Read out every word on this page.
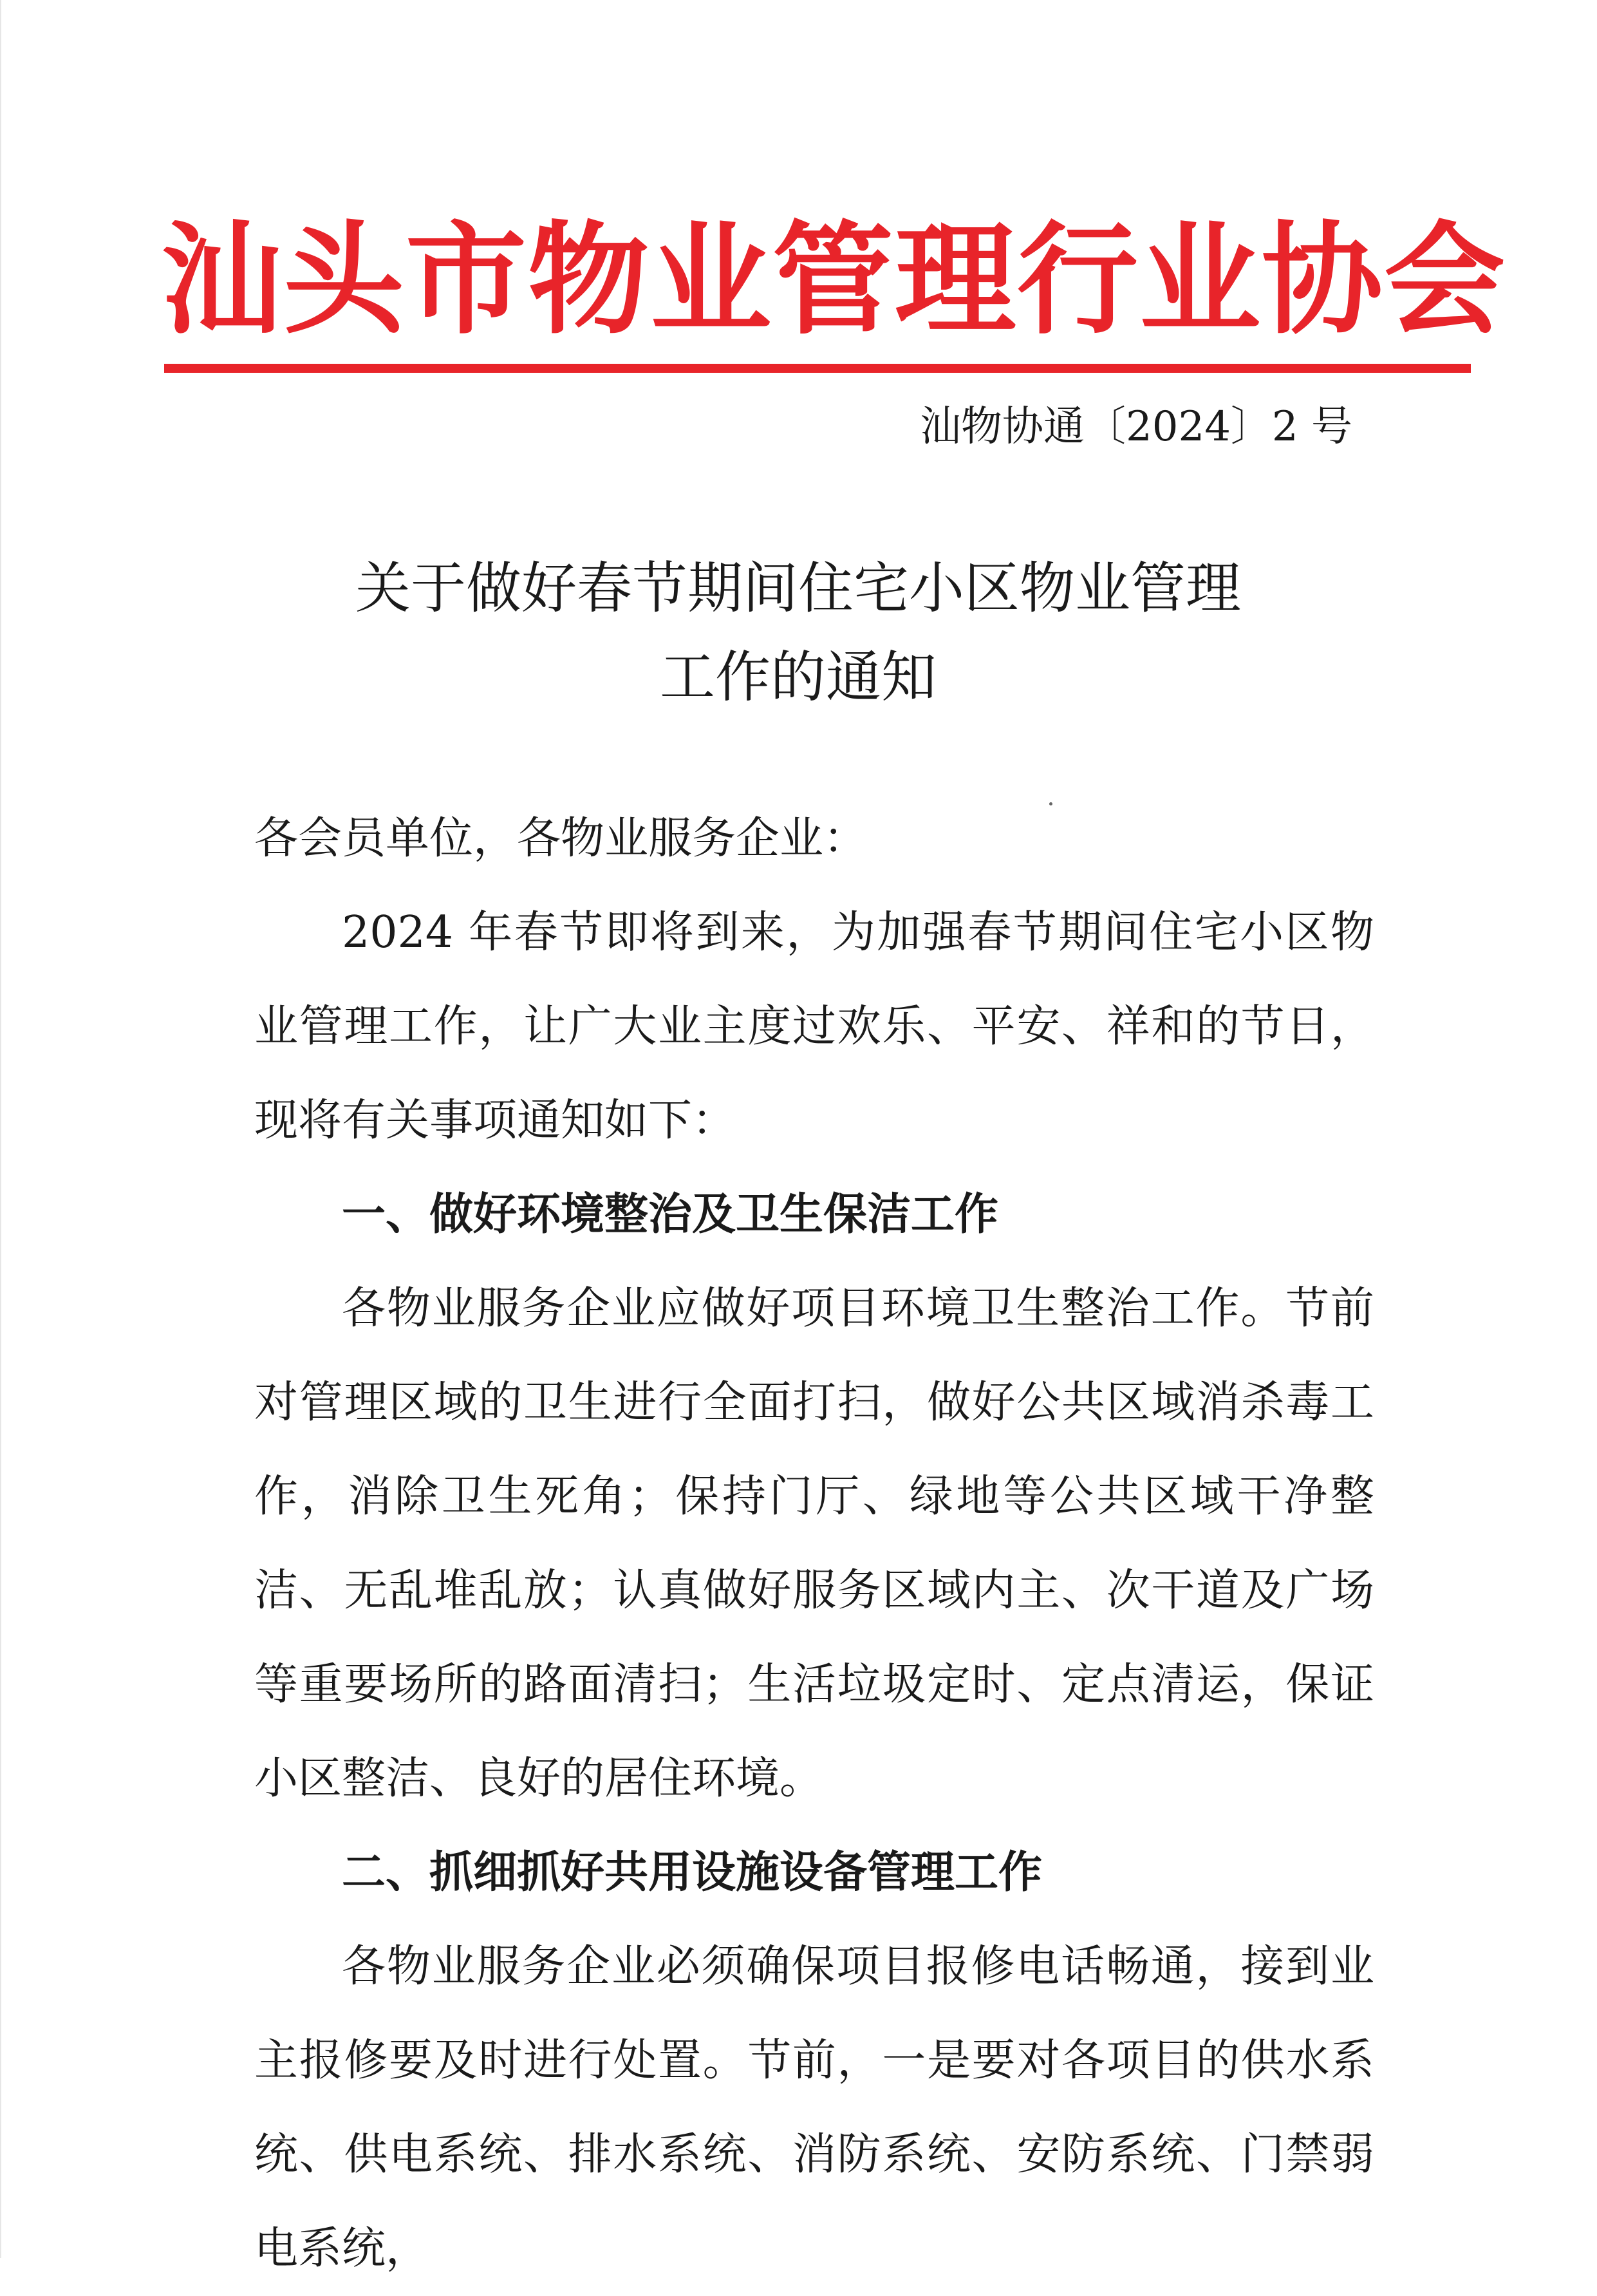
汕头市物业管理行业协会
汕物协通〔2024〕2 号
关于做好春节期间住宅小区物业管理
工作的通知

各会员单位，各物业服务企业：

2024 年春节即将到来，为加强春节期间住宅小区物业管理工作，让广大业主度过欢乐、平安、祥和的节日，现将有关事项通知如下：

一、做好环境整治及卫生保洁工作

各物业服务企业应做好项目环境卫生整治工作。节前对管理区域的卫生进行全面打扫，做好公共区域消杀毒工作，消除卫生死角；保持门厅、绿地等公共区域干净整洁、无乱堆乱放；认真做好服务区域内主、次干道及广场等重要场所的路面清扫；生活垃圾定时、定点清运，保证小区整洁、良好的居住环境。

二、抓细抓好共用设施设备管理工作

各物业服务企业必须确保项目报修电话畅通，接到业主报修要及时进行处置。节前，一是要对各项目的供水系统、供电系统、排水系统、消防系统、安防系统、门禁弱电系统，
